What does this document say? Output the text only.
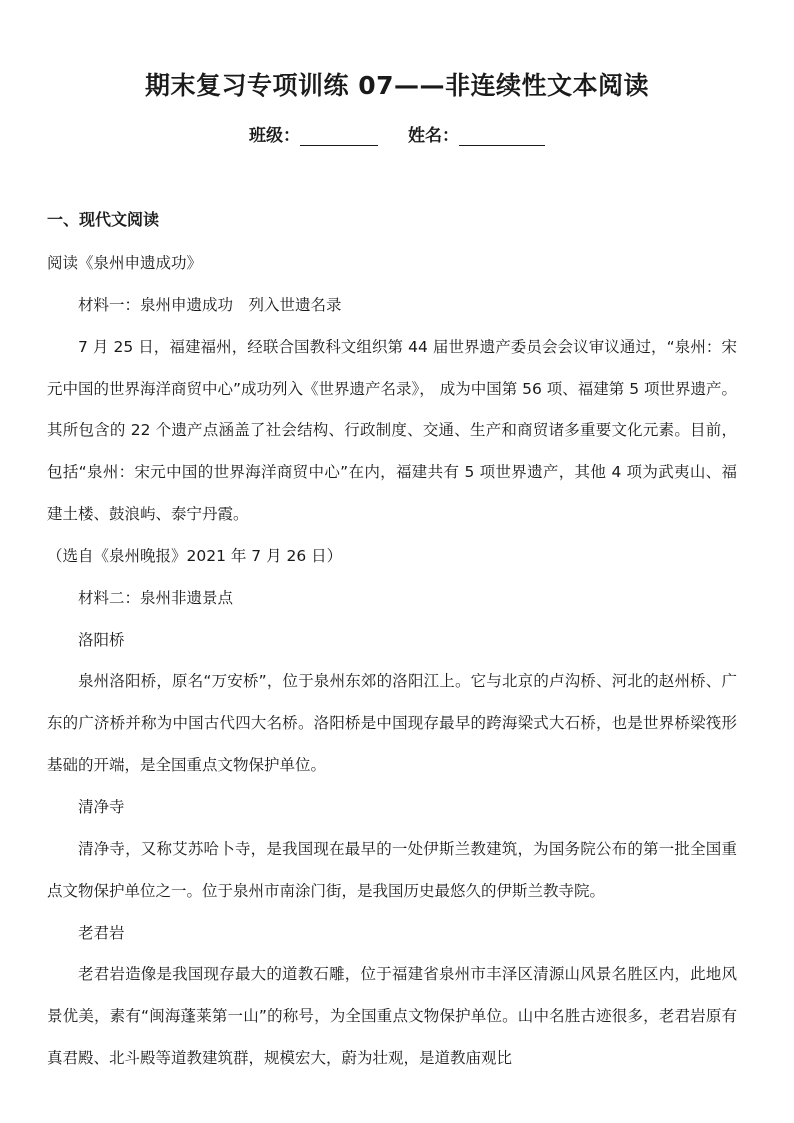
期末复习专项训练 07——非连续性文本阅读
班级：	姓名：
一、现代文阅读

阅读《泉州申遗成功》

材料一：泉州申遗成功　列入世遗名录

7 月 25 日，福建福州，经联合国教科文组织第 44 届世界遗产委员会会议审议通过，“泉州：宋元中国的世界海洋商贸中心”成功列入《世界遗产名录》， 成为中国第 56 项、福建第 5 项世界遗产。其所包含的 22 个遗产点涵盖了社会结构、行政制度、交通、生产和商贸诸多重要文化元素。目前，包括“泉州：宋元中国的世界海洋商贸中心”在内，福建共有 5 项世界遗产，其他 4 项为武夷山、福建土楼、鼓浪屿、泰宁丹霞。

（选自《泉州晚报》2021 年 7 月 26 日）

材料二：泉州非遗景点

洛阳桥

泉州洛阳桥，原名“万安桥”，位于泉州东郊的洛阳江上。它与北京的卢沟桥、河北的赵州桥、广东的广济桥并称为中国古代四大名桥。洛阳桥是中国现存最早的跨海梁式大石桥，也是世界桥梁筏形基础的开端，是全国重点文物保护单位。

清净寺

清净寺，又称艾苏哈卜寺，是我国现在最早的一处伊斯兰教建筑，为国务院公布的第一批全国重点文物保护单位之一。位于泉州市南涂门街，是我国历史最悠久的伊斯兰教寺院。

老君岩

老君岩造像是我国现存最大的道教石雕，位于福建省泉州市丰泽区清源山风景名胜区内，此地风景优美，素有“闽海蓬莱第一山”的称号，为全国重点文物保护单位。山中名胜古迹很多，老君岩原有真君殿、北斗殿等道教建筑群，规模宏大，蔚为壮观，是道教庙观比
